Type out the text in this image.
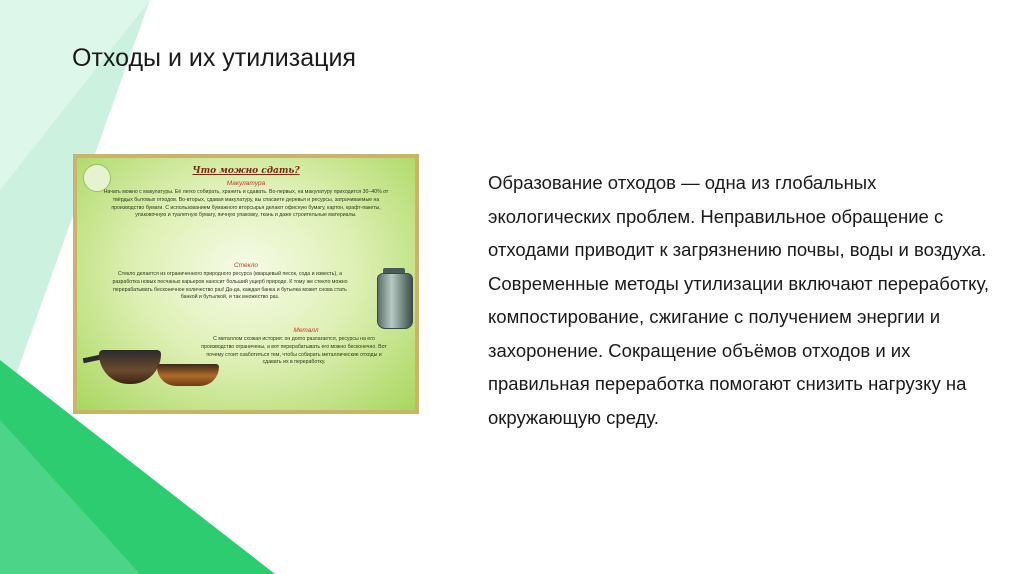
Отходы и их утилизация
Что можно сдать?
Макулатура
Начать можно с макулатуры. Её легко собирать, хранить и сдавать. Во-первых, на макулатуру приходится 30–40% от твёрдых бытовых отходов. Во-вторых, сдавая макулатуру, вы спасаете деревья и ресурсы, затрачиваемые на производство бумаги. С использованием бумажного вторсырья делают офисную бумагу, картон, крафт-пакеты, упаковочную и туалетную бумагу, яичную упаковку, ткань и даже строительные материалы.
Стекло
Стекло делается из ограниченного природного ресурса (кварцевый песок, сода и известь), а разработка новых песчаных карьеров наносит больший ущерб природе. К тому же стекло можно перерабатывать бесконечное количество раз! Да-да, каждая банка и бутылка может снова стать банкой и бутылкой, и так множество раз.
Металл
С металлом схожая история: он долго разлагается, ресурсы на его производство ограничены, а вот перерабатывать его можно бесконечно. Вот почему стоит озаботиться тем, чтобы собирать металлические отходы и сдавать их в переработку.
Образование отходов — одна из глобальных экологических проблем. Неправильное обращение с отходами приводит к загрязнению почвы, воды и воздуха. Современные методы утилизации включают переработку, компостирование, сжигание с получением энергии и захоронение. Сокращение объёмов отходов и их правильная переработка помогают снизить нагрузку на окружающую среду.
